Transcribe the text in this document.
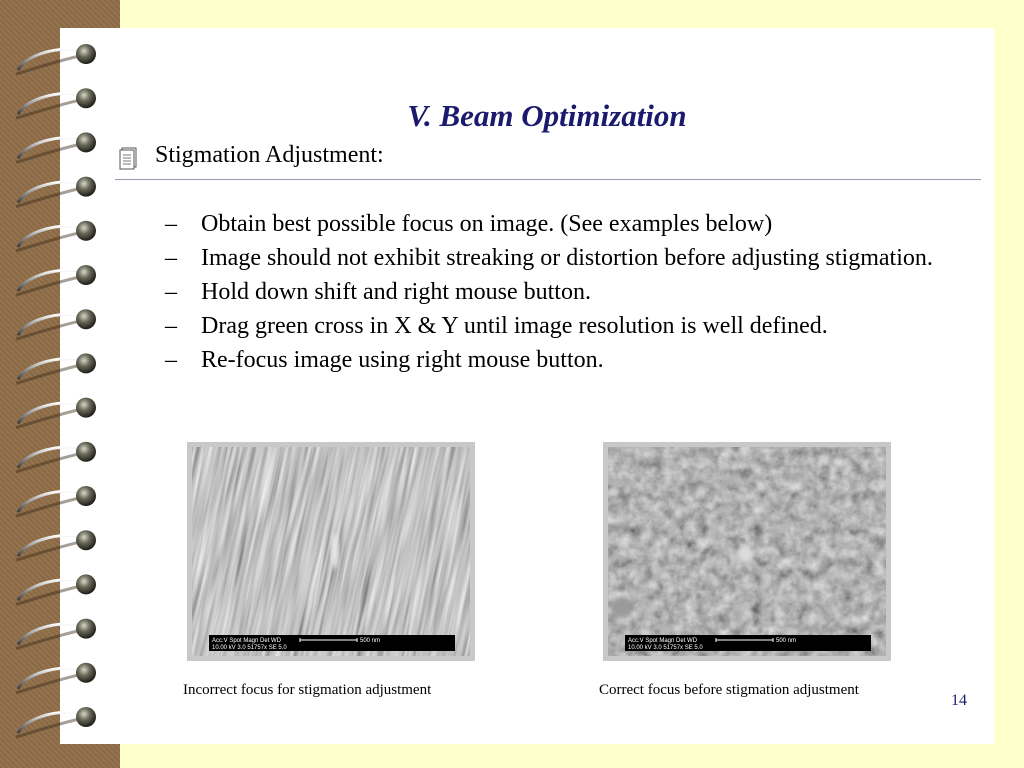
V. Beam Optimization
Stigmation Adjustment:
– Obtain best possible focus on image. (See examples below)
– Image should not exhibit streaking or distortion before adjusting stigmation.
– Hold down shift and right mouse button.
– Drag green cross in X & Y until image resolution is well defined.
– Re-focus image using right mouse button.
Acc.V Spot Magn Det WD
10.00 kV 3.0 51757x SE 5.0
500 nm
Incorrect focus for stigmation adjustment
Acc.V Spot Magn Det WD
10.00 kV 3.0 51757x SE 5.0
500 nm
Correct focus before stigmation adjustment
14
